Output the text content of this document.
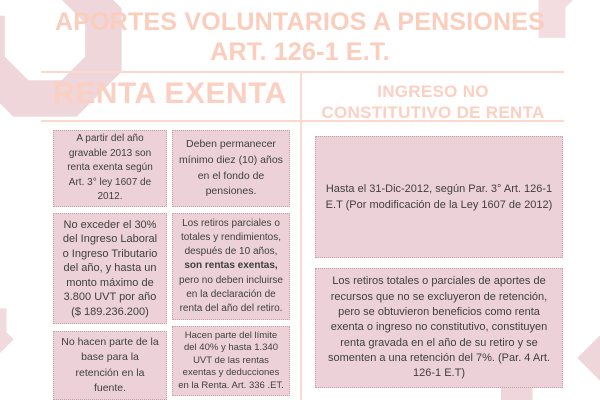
APORTES VOLUNTARIOS A PENSIONES ART. 126-1 E.T.
RENTA EXENTA	INGRESO NO
CONSTITUTIVO DE RENTA
A partir del año gravable 2013 son renta exenta según Art. 3° ley 1607 de 2012.
No exceder el 30% del Ingreso Laboral o Ingreso Tributario del año, y hasta un monto máximo de 3.800 UVT por año ($ 189.236.200)
No hacen parte de la base para la retención en la fuente.
Deben permanecer mínimo diez (10) años en el fondo de pensiones.
Los retiros parciales o totales y rendimientos, después de 10 años, son rentas exentas, pero no deben incluirse en la declaración de renta del año del retiro.
Hacen parte del límite del 40% y hasta 1.340 UVT de las rentas exentas y deducciones en la Renta. Art. 336 .ET.
Hasta el 31-Dic-2012, según Par. 3° Art. 126-1 E.T (Por modificación de la Ley 1607 de 2012)
Los retiros totales o parciales de aportes de recursos que no se excluyeron de retención, pero se obtuvieron beneficios como renta exenta o ingreso no constitutivo, constituyen renta gravada en el año de su retiro y se somenten a una retención del 7%. (Par. 4 Art. 126-1 E.T)
